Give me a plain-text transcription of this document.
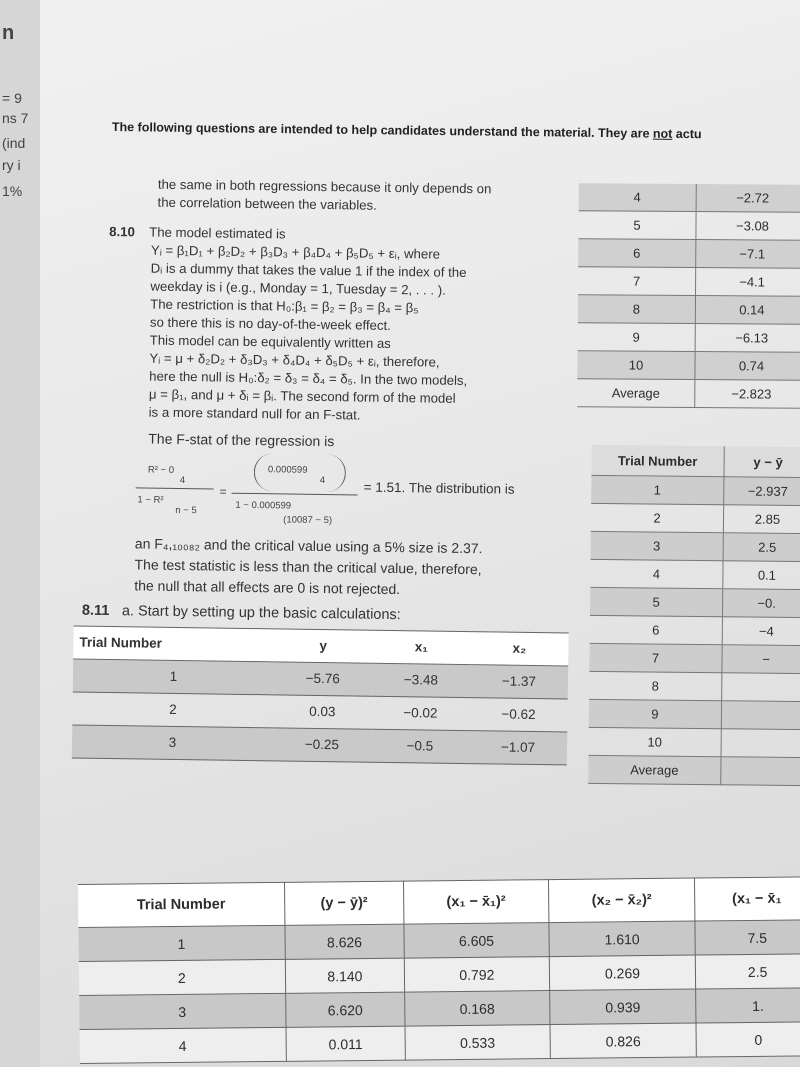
n
= 9
ns 7
(ind
ry i
1%
The following questions are intended to help candidates understand the material. They are not actu

the same in both regressions because it only depends on

the correlation between the variables.

8.10 The model estimated is

Yᵢ = β₁D₁ + β₂D₂ + β₃D₃ + β₄D₄ + β₅D₅ + εᵢ, where

Dᵢ is a dummy that takes the value 1 if the index of the

weekday is i (e.g., Monday = 1, Tuesday = 2, . . . ).

The restriction is that H₀:β₁ = β₂ = β₃ = β₄ = β₅

so there this is no day-of-the-week effect.

This model can be equivalently written as

Yᵢ = μ + δ₂D₂ + δ₃D₃ + δ₄D₄ + δ₅D₅ + εᵢ, therefore,

here the null is H₀:δ₂ = δ₃ = δ₄ = δ₅. In the two models,

μ = β₁, and μ + δᵢ = βᵢ. The second form of the model

is a more standard null for an F-stat.

The F-stat of the regression is

R² − 0
4
1 − R²
n − 5
=
0.000599
4
1 − 0.000599
(10087 − 5)
= 1.51. The distribution is

an F₄,₁₀₀₈₂ and the critical value using a 5% size is 2.37.

The test statistic is less than the critical value, therefore,

the null that all effects are 0 is not rejected.

8.11 a. Start by setting up the basic calculations:

Trial Number	y	x₁	x₂
1	−5.76	−3.48	−1.37
2	0.03	−0.02	−0.62
3	−0.25	−0.5	−1.07
4	−2.72
5	−3.08
6	−7.1
7	−4.1
8	0.14
9	−6.13
10	0.74
Average	−2.823
Trial Number	y − ȳ
1	−2.937
2	2.85
3	2.5
4	0.1
5	−0.
6	−4
7	−
8	
9	
10	
Average	
Trial Number	(y − ȳ)²	(x₁ − x̄₁)²	(x₂ − x̄₂)²	(x₁ − x̄₁
1	8.626	6.605	1.610	7.5
2	8.140	0.792	0.269	2.5
3	6.620	0.168	0.939	1.
4	0.011	0.533	0.826	0
